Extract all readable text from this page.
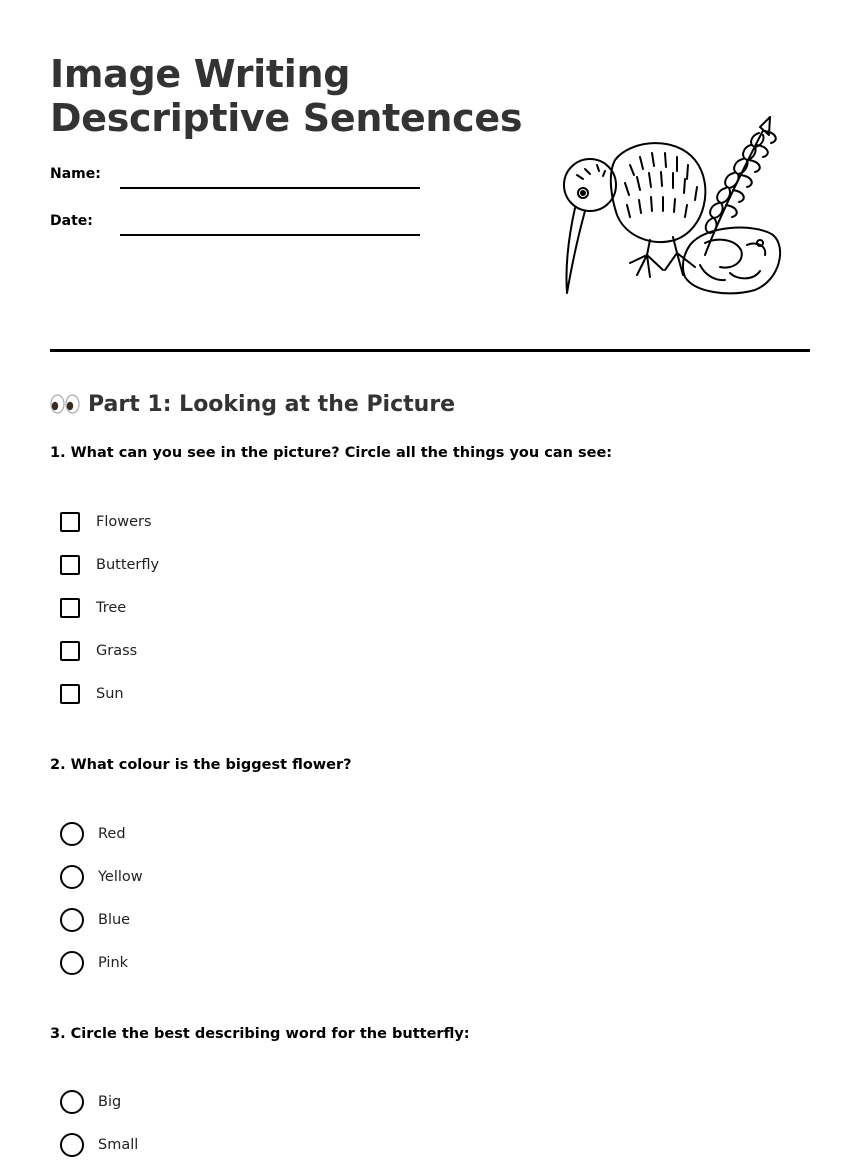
Image Writing
Descriptive Sentences
Name:
Date:
Part 1: Looking at the Picture
1. What can you see in the picture? Circle all the things you can see:
Flowers
Butterfly
Tree
Grass
Sun
2. What colour is the biggest flower?
Red
Yellow
Blue
Pink
3. Circle the best describing word for the butterfly:
Big
Small
